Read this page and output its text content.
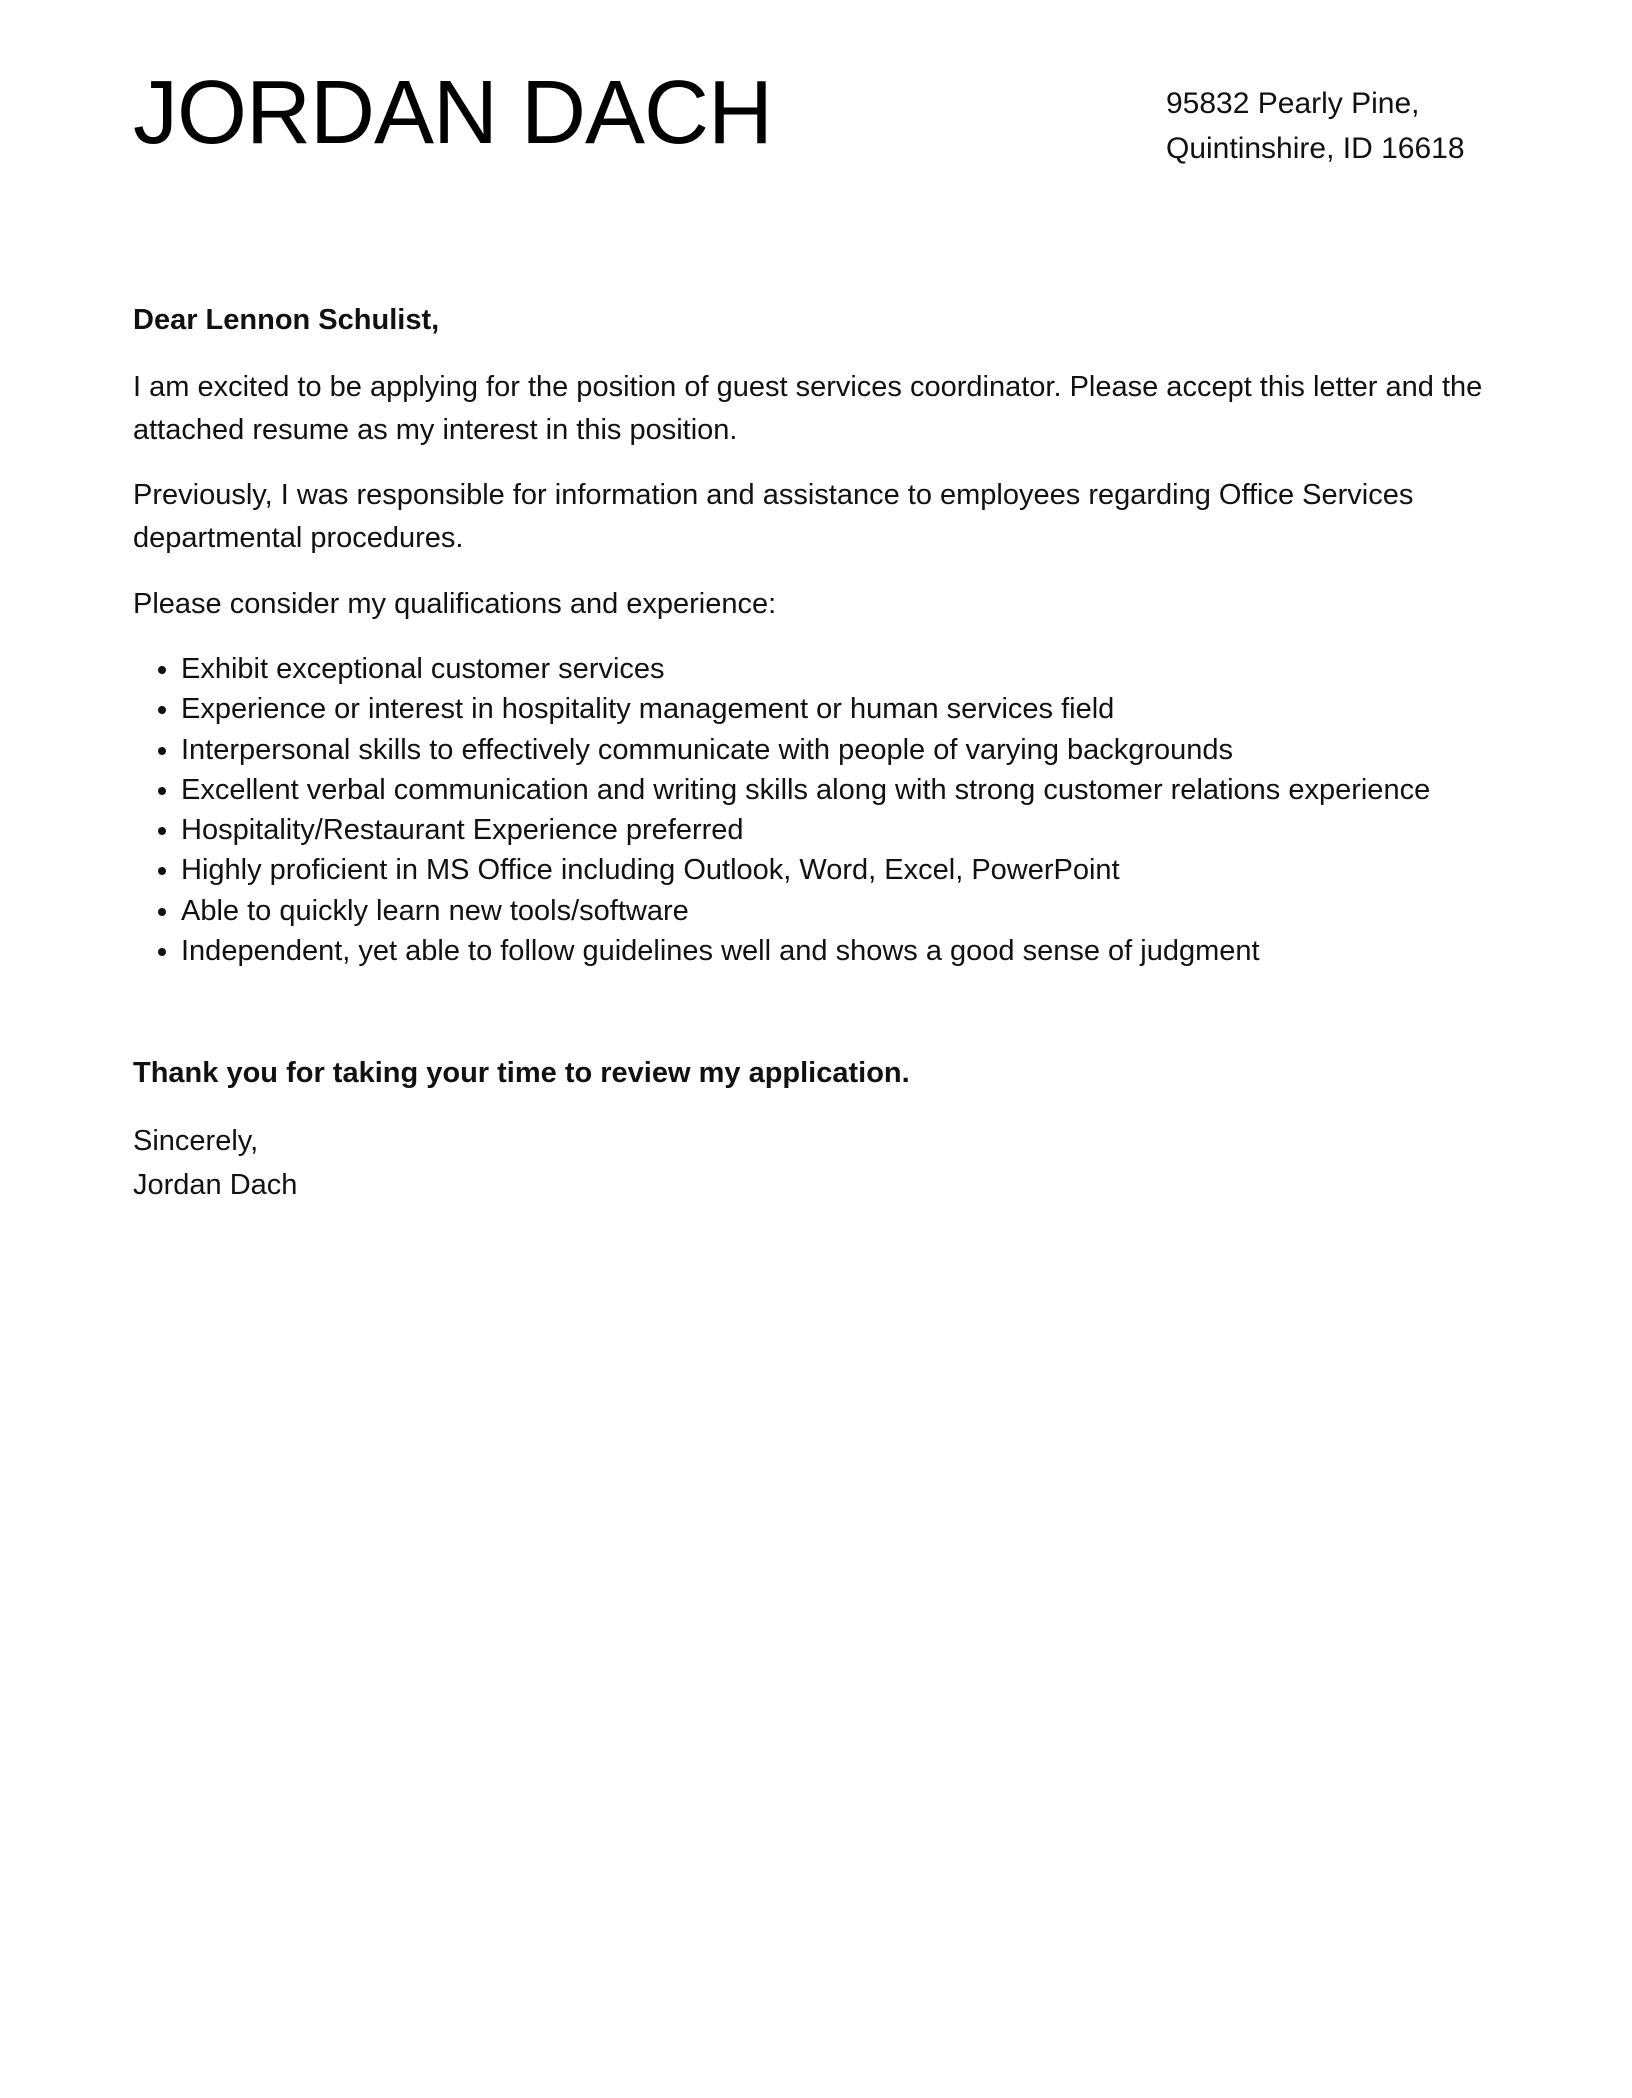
JORDAN DACH	95832 Pearly Pine,
Quintinshire, ID 16618

Dear Lennon Schulist,

I am excited to be applying for the position of guest services coordinator. Please accept this letter and the attached resume as my interest in this position.

Previously, I was responsible for information and assistance to employees regarding Office Services departmental procedures.

Please consider my qualifications and experience:

Exhibit exceptional customer services
Experience or interest in hospitality management or human services field
Interpersonal skills to effectively communicate with people of varying backgrounds
Excellent verbal communication and writing skills along with strong customer relations experience
Hospitality/Restaurant Experience preferred
Highly proficient in MS Office including Outlook, Word, Excel, PowerPoint
Able to quickly learn new tools/software
Independent, yet able to follow guidelines well and shows a good sense of judgment

Thank you for taking your time to review my application.

Sincerely,
Jordan Dach
